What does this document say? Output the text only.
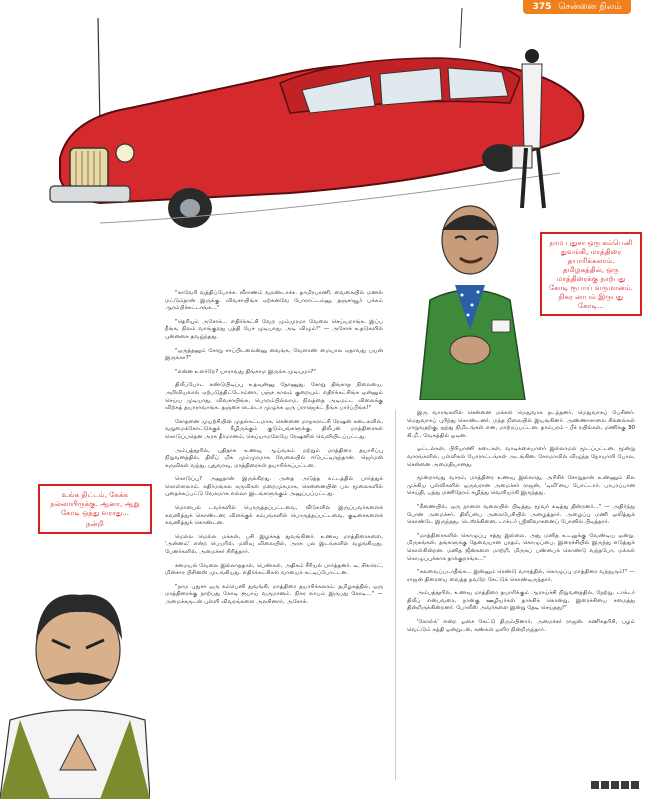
375 சென்னை நிலம்
நாம புதுசா ஒரு கம்பெனி துவங்கி, மாத்திரை தயாரிக்கலாம். தமிழகத்தில், ஒரு மாத்திரைக்கு நாற்பது கோடி ரூபாய் வருமானம். நிகர லாபம் இருபது கோடி...
உங்க திட்டம், கேக்க நல்லாயிருக்கு. ஆனா, ஆறு கோடி ஒத்து வராது...
நன்றி

"காவேரி வத்திப்போச்சு. வீராணம் வறண்டாச்சு. தாமிரபரணி, வைகையில் மணல் மட்டும்தான் இருக்கு. விவசாயிங்க ஏற்கனவே போராட்டம்னு, தஞ்சாவூர் பக்கம் ஆரம்பிச்சுட்டாங்க..."

"தெரியும் அசோக்... எதிர்க்கட்சி வேற மும்முரமா வேலை செய்யறாங்க. இப்ப நீங்க, நிலம் வாங்குறது பத்தி பேச முடியாது. அடி விழும்!" — அசோக் உதடுகளில் புன்னகை தவழ்ந்தது.

"ஒருத்தனும் சோறு சாப்பிடலைன்னு வைங்க, வேளாண் மையால ஏதாவது பயன் இருக்கா?"

"என்ன உளர்றே? யாராவது திங்காம இருக்க முடியுமா?"

திலீப்போட கண்டுபிடிப்பு உதவுன்னு தோணுது. சோறு திங்காத நிலையை, அறிவியலால் ஏற்படுத்திட்டோம்னா, பஞ்ச காலம் குறையும். எதிர்க்கட்சிங்க ஒன்னும் செய்ய முடியாது. விவசாயிங்க, பொறம்பில்லாம, நிலத்தை அடிமட்ட விலைக்கு விற்கத் தயாராவாங்க. தஞ்சை டெல்டா முழுக்க ஒரு ப்ராஜெக்ட் நீங்க பார்ப்பீங்க!"

சோதனை முயற்சியின் முதல்கட்டமாக, சென்னை மாநகராட்சி ரேஷன் கடைகளில், வறுமைக்கோட்டுக்குக் கீழிருக்கும் குடும்பங்களுக்கு, திலீபன் மாத்திரைகள் கொடுப்பதென அரசு தீர்மானம், செய்யாமலேயே ரேஷனில் வெளியிடப்பட்டது.

அம்பத்தூரில், புதிதாக உணவு ஆய்வகம் மற்றும் மாத்திரை தயாரிப்பு நிறுவனத்தில், திலீப் மிக மும்முரமாக வேலையில் ஈடுபட்டிருந்தான். ஜெர்மன் கருவிகள் வந்து, புதுவரவு, மாத்திரைகள் தயாரிக்கப்பட்டன.

கொடுப்பு? அனுதான் இருக்கிறது. அதை அடுத்த கட்டத்தில் பார்த்துக் கொள்ளலாம். கதிர்மங்கல கருவிகள் மறைமுகமாக, சென்னையின் பல மூலைகளில் புதைக்கப்பட்டு வேகமாக எல்லா இடங்களுக்கும் அனுப்பப்பட்டது.

மொபைல் டவர்களில் பொருத்தப்பட்டவை, வீடுகளில் இருப்பவர்களைக் கவனித்துக் கொண்டன; விளக்குக் கம்பங்களில் பொருத்தப்பட்டவை, குடிசைகளைக் கவனித்துக் கொண்டன.

மெல்ல மெல்ல மக்கள், பசி இழக்கத் துவங்கினர். உணவு மாத்திரைகளை, 'அன்னம்' என்ற பெயரில், மலிவு விலையில், அரசு பல இடங்களில் வழங்கியது. பேனர்களில், அமைச்சர் சிரித்தார்.

சமையல் வேலை இல்லாததால், பெண்கள், அதிகம் சீரியல் பார்த்தனர். டீ, சிகரெட், மின்சார பிசினஸ் முடங்கியது. எதிர்க்கட்சிகள் வாயைக் கட்டிப்போட்டன.

"நாம புதுசா ஒரு கம்பெனி துவங்கி, மாத்திரை தயாரிக்கலாம். தமிழகத்தில், ஒரு மாத்திரைக்கு நாற்பது கோடி ரூபாய் வருமானம். நிகர லாபம் இருபது கோடி..." — அமைச்சருடன் புள்ளி விவரங்களை அலசினார், அசோக்.

இரு வாரங்களில் சென்னை மக்கள் மெதுவாக நடந்தனர், மெதுவாகப் பேசினர். மெதுவாகப் புரிந்து கொண்டனர். மந்த நிலையில் இயங்கினர். அண்ணாசாலை சிக்னல்கள் மாறுவதற்கு, ஐந்து நிமிடங்கள் என, மாற்றப்பட்டன. தாம்பரம் - பீச் ரயில்கள், மணிக்கு 30 கி.மீ., வேகத்தில் ஓடின.

ஓட்டல்கள், பிரியாணி கடைகள், வாடிக்கையாளர் இல்லாமல் மூடப்பட்டன. மூன்று வாரங்களில், பள்ளிகள் போராட்டங்கள் அடங்கின. கோமாவில் விழுந்த நோயாளி போல, சென்னை அமைதியானது.

மூன்றாவது வாரம், மாத்திரை உணவு இல்லாது, அரிசிச் சோறுதான் உண்ணும் சில முக்கிய புள்ளிகளில் ஒருவரான அமைச்சர் ராஜன், 'டிவி'யை போட்டார். பரபரப்பான செய்தி, பத்து மணிநேரம் கழித்து வெளியாகி இருந்தது.

"கீணையில், ஒரு நாளை வலையில் பிடித்து, மூவர் கடித்து தின்றனர்..." — அதிர்ந்து போன அமைச்சர், திலீப்பை அலைபேசியில் அழைத்தார். அழைப்பு மணி ஒலித்துக் கொண்டே இருந்தது. டெஸ்க்கினை, டாக்டர் ஸ்ரீனிவாசனைப் போனில் பிடித்தார்.

"மாத்திரைகளில் கொழுப்பு சத்து இல்லை. அது மனித உடலுக்கு வேண்டிய ஒன்று. மிருகங்கள், தங்களுக்கு தேவையான புரதம், கொழுப்பை, இரைச்சியில் இருந்து எடுத்துக் கொள்கின்றன. மனித ஜீன்களை மாற்றி, மிருகப் பண்பைக் கொண்டு வந்தபோ, மக்கள் கொழுப்புக்காக தாக்குறாங்க..."

"கலவைப்படாதீங்க... இன்னும் ரெண்டு வாரத்தில், கொழுப்பு மாத்திரை வந்துரும்!" — ராஜன் திரையை வைத்த தவறே கேட்டுக் கொண்டிருந்தார்.

அம்பத்தூரில், உணவு மாத்திரை தயாரிக்கும் ஆராய்ச்சி நிறுவனத்தில், நேற்று, டாக்டர் திலீப் என்பவரை, நான்கு ஊழியர்கள் தாக்கிக் கொன்று, இரைச்சியை சமைத்து தின்றிருக்கின்றனர். போலீஸ் அவர்களை இன்று தேடி செய்தது!"

'கோல்க்' என்ற ஓசை கேட்டு திரும்பினார், அமைச்சர் ராஜன். கணிகதரிசி, பழம் வெட்டும் கத்தி ஒன்றுடன், கண்கள் ஒளிர நின்றிருந்தார்.
